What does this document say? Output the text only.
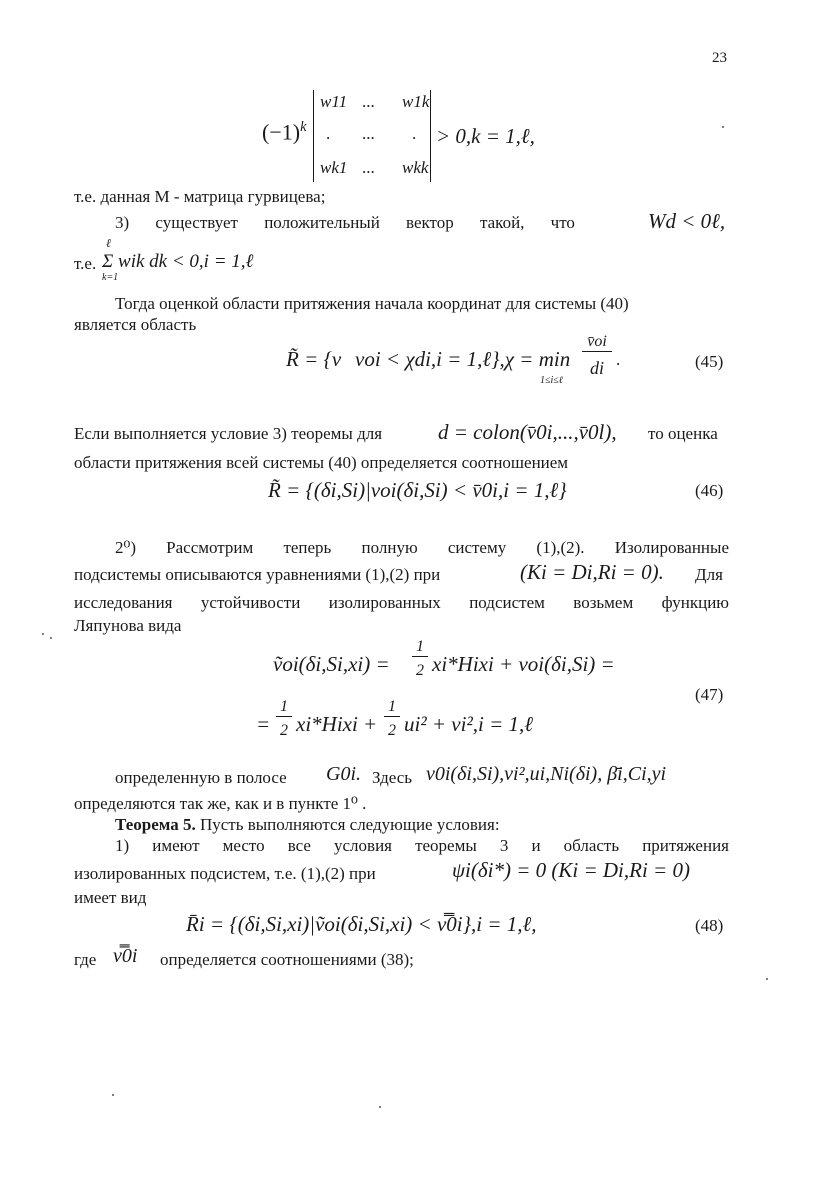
23
$(-1)^k$
w11 ... w1k
. ... .
wk1 ... wkk
> 0,k = 1,ℓ,
т.е. данная М - матрица гурвицева;
3) существует положительный вектор такой, что	Wd < 0ℓ,
т.е.
ℓ
k=1
Σ wik dk < 0,i = 1,ℓ
Тогда оценкой области притяжения начала координат для системы (40)
является область
R̃ = {v voi < χdi,i = 1,ℓ},χ = min
1≤i≤ℓ
v̄oi
di .	(45)
Если выполняется условие 3) теоремы для	d = colon(v̄0i,...,v̄0l), то оценка
области притяжения всей системы (40) определяется соотношением
R̃ = {(δi,Si)|voi(δi,Si) < v̄0i,i = 1,ℓ}	(46)
2⁰) Рассмотрим теперь полную систему (1),(2). Изолированные
подсистемы описываются уравнениями (1),(2) при	(Ki = Di,Ri = 0). Для
исследования устойчивости изолированных подсистем возьмем функцию
Ляпунова вида
ṽoi(δi,Si,xi) =
1
2 xi*Hixi + voi(δi,Si) =
=
1
2 xi*Hixi +
1
2 ui² + vi²,i = 1,ℓ
(47)
определенную в полосе G0i. Здесь v0i(δi,Si),vi²,ui,Ni(δi), β̄i,Ci,yi
определяются так же, как и в пункте 1⁰ .
Теорема 5. Пусть выполняются следующие условия:
1) имеют место все условия теоремы 3 и область притяжения
изолированных подсистем, т.е. (1),(2) при	ψi(δi*) = 0 (Ki = Di,Ri = 0)
имеет вид
R̄i = {(δi,Si,xi)|ṽoi(δi,Si,xi) < v̿0i},i = 1,ℓ,	(48)
где v̿0i определяется соотношениями (38);
